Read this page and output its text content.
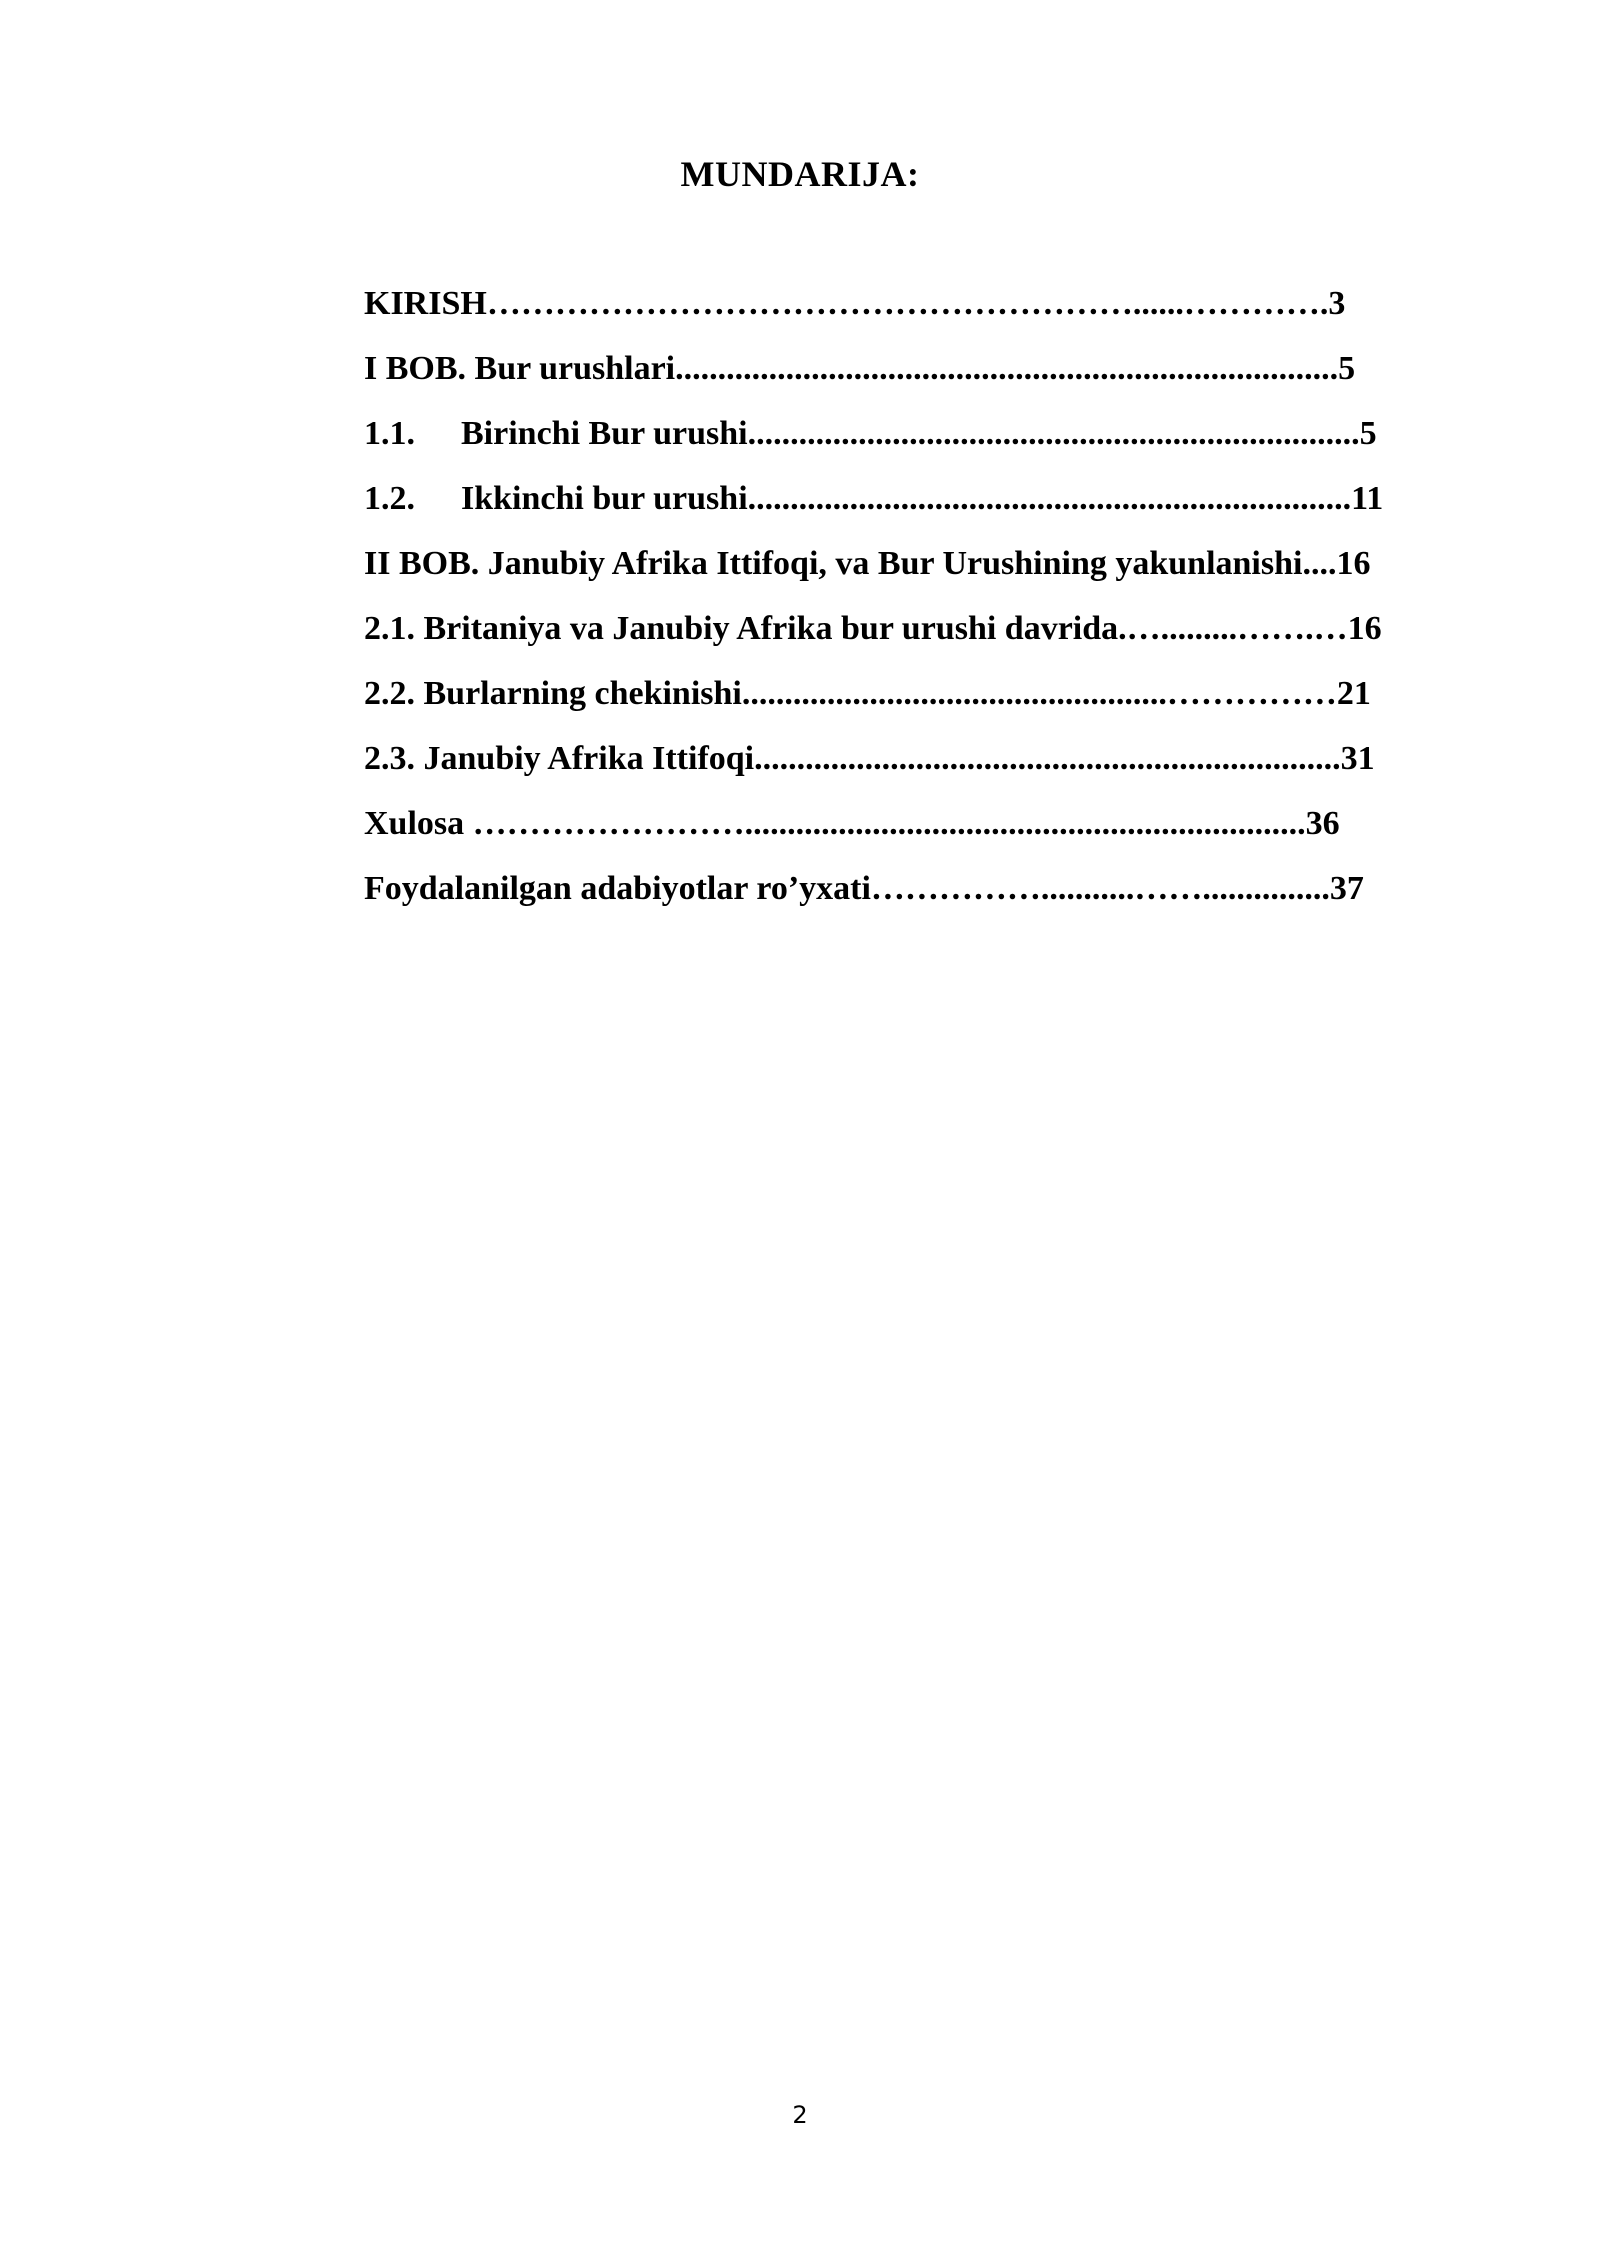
MUNDARIJA:
KIRISH…………………………………………………......………….3
I BOB. Bur urushlari..............................................................................5
1.1. Birinchi Bur urushi........................................................................5
1.2. Ikkinchi bur urushi.......................................................................11
II BOB. Janubiy Afrika Ittifoqi, va Bur Urushining yakunlanishi....16
2.1. Britaniya va Janubiy Afrika bur urushi davrida.….........…….…16
2.2. Burlarning chekinishi..................................................……………21
2.3. Janubiy Afrika Ittifoqi.....................................................................31
Xulosa ……………………..................................................................36
Foydalanilgan adabiyotlar ro’yxati……………...........……...............37
2
